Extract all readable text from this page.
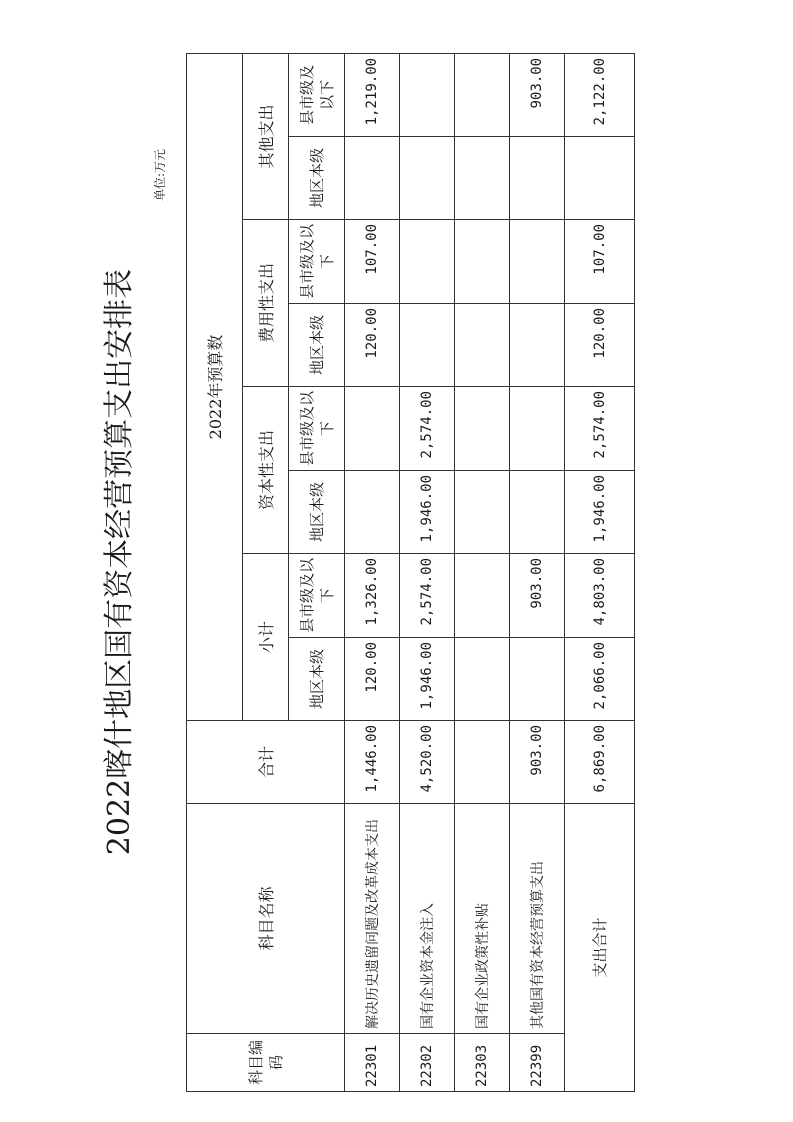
2022喀什地区国有资本经营预算支出安排表
单位:万元
科目编码	科目名称	合计	2022年预算数							
			小计		资本性支出		费用性支出		其他支出	
			地区本级	县市级及以下	地区本级	县市级及以下	地区本级	县市级及以下	地区本级	县市级及以下
22301	解决历史遗留问题及改革成本支出	1,446.00	120.00	1,326.00			120.00	107.00		1,219.00
22302	国有企业资本金注入	4,520.00	1,946.00	2,574.00	1,946.00	2,574.00				
22303	国有企业政策性补贴									
22399	其他国有资本经营预算支出	903.00		903.00						903.00
支出合计		6,869.00	2,066.00	4,803.00	1,946.00	2,574.00	120.00	107.00		2,122.00
